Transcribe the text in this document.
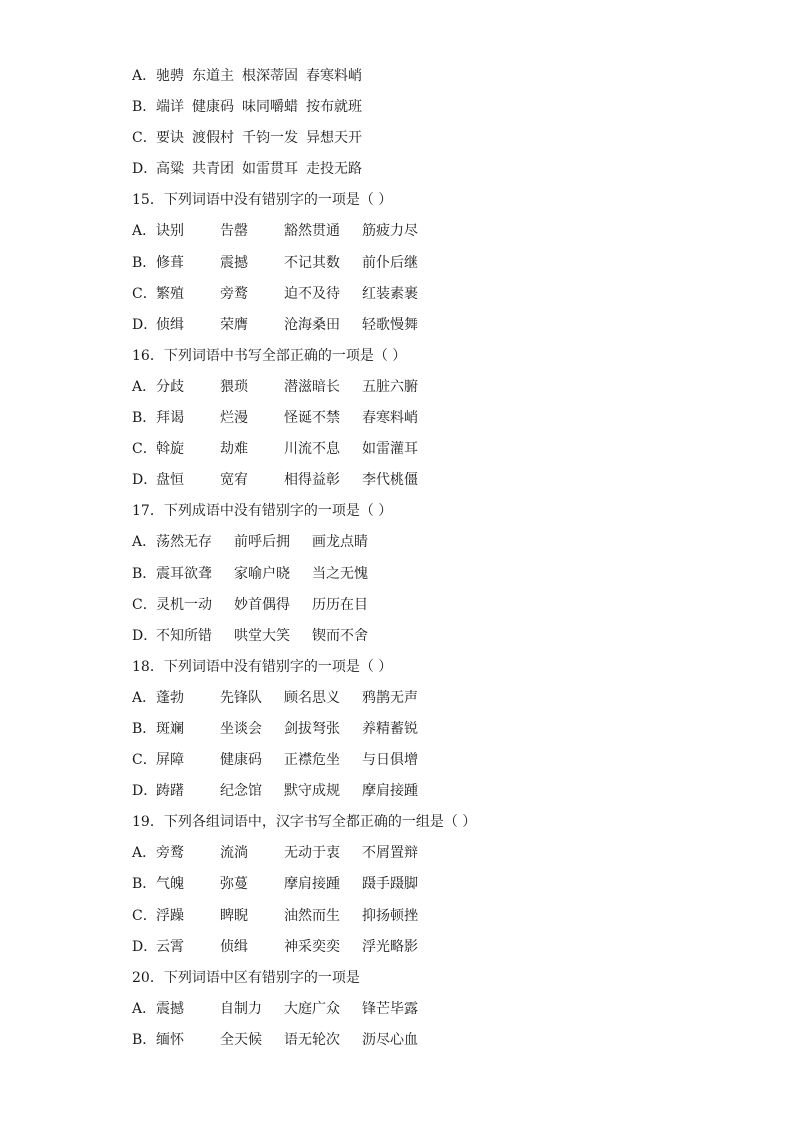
A．驰骋 东道主 根深蒂固 春寒料峭
B．端详 健康码 味同嚼蜡 按布就班
C．要诀 渡假村 千钧一发 异想天开
D．高粱 共青团 如雷贯耳 走投无路
15．下列词语中没有错别字的一项是（ ）
A．诀别	告罄	豁然贯通 筋疲力尽
B．修葺	震撼	不记其数 前仆后继
C．繁殖	旁鹜	迫不及待 红装素裹
D．侦缉	荣膺	沧海桑田 轻歌慢舞
16．下列词语中书写全部正确的一项是（ ）
A．分歧	猥琐	潜滋暗长 五脏六腑
B．拜谒	烂漫	怪诞不禁 春寒料峭
C．斡旋	劫难	川流不息 如雷灌耳
D．盘恒	宽宥	相得益彰 李代桃僵
17．下列成语中没有错别字的一项是（ ）
A．荡然无存 前呼后拥 画龙点睛
B．震耳欲聋 家喻户晓 当之无愧
C．灵机一动 妙首偶得 历历在目
D．不知所错 哄堂大笑 锲而不舍
18．下列词语中没有错别字的一项是（ ）
A．蓬勃	先锋队 顾名思义 鸦鹊无声
B．斑斓	坐谈会 剑拔弩张 养精蓄锐
C．屏障	健康码 正襟危坐 与日俱增
D．踌躇	纪念馆 默守成规 摩肩接踵
19．下列各组词语中，汉字书写全都正确的一组是（ ）
A．旁鹜	流淌	无动于衷 不屑置辩
B．气魄	弥蔓	摩肩接踵 蹑手蹑脚
C．浮躁	睥睨	油然而生 抑扬顿挫
D．云霄	侦缉	神采奕奕 浮光略影
20．下列词语中区有错别字的一项是
A．震撼	自制力 大庭广众 锋芒毕露
B．缅怀	全天候 语无轮次 沥尽心血
